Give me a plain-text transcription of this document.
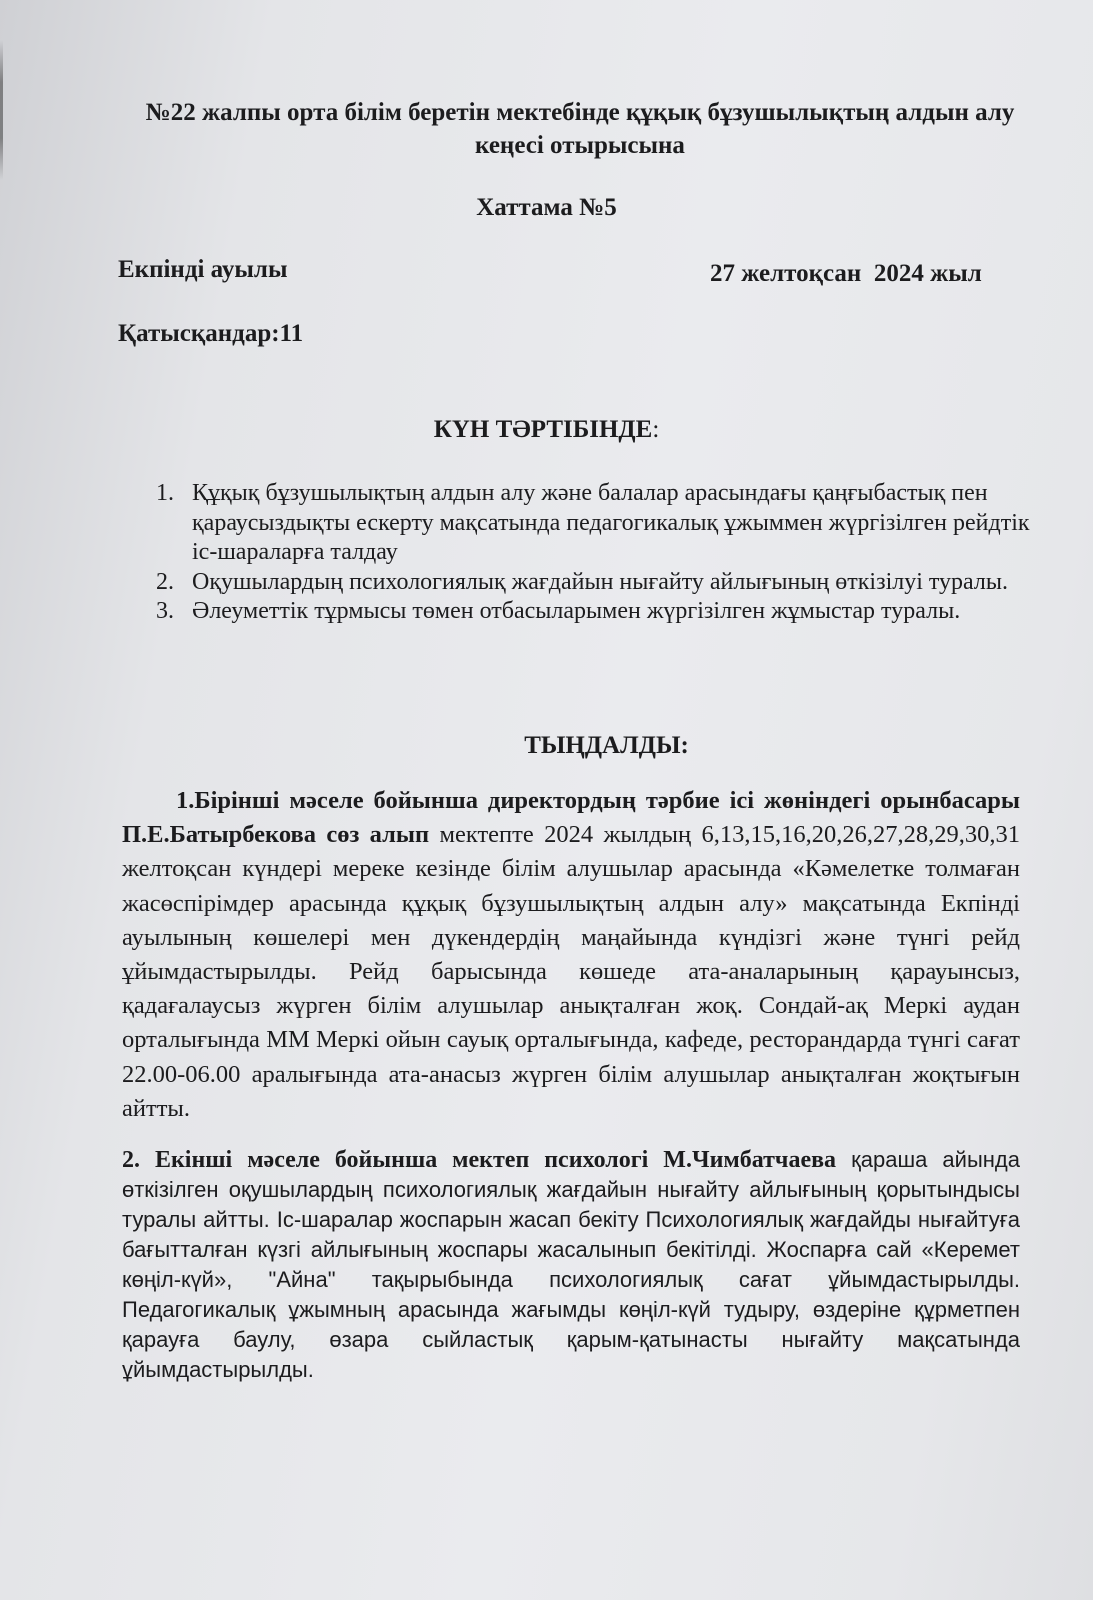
№22 жалпы орта білім беретін мектебінде құқық бұзушылықтың алдын алу кеңесі отырысына
Хаттама №5
Екпінді ауылы	27 желтоқсан  2024 жыл
Қатысқандар:11
КҮН ТӘРТІБІНДЕ:
1. Құқық бұзушылықтың алдын алу және балалар арасындағы қаңғыбастық пен қараусыздықты ескерту мақсатында педагогикалық ұжыммен жүргізілген рейдтік іс-шараларға талдау
2. Оқушылардың психологиялық жағдайын нығайту айлығының өткізілуі туралы.
3. Әлеуметтік тұрмысы төмен отбасыларымен жүргізілген жұмыстар туралы.
ТЫҢДАЛДЫ:

1.Бірінші мәселе бойынша директордың тәрбие ісі жөніндегі орынбасары П.Е.Батырбекова сөз алып мектепте 2024 жылдың 6,13,15,16,20,26,27,28,29,30,31 желтоқсан күндері мереке кезінде білім алушылар арасында «Кәмелетке толмаған жасөспірімдер арасында құқық бұзушылықтың алдын алу» мақсатында Екпінді ауылының көшелері мен дүкендердің маңайында күндізгі және түнгі рейд ұйымдастырылды. Рейд барысында көшеде ата-аналарының қарауынсыз, қадағалаусыз жүрген білім алушылар анықталған жоқ. Сондай-ақ Меркі аудан орталығында ММ Меркі ойын сауық орталығында, кафеде, ресторандарда түнгі сағат 22.00-06.00 аралығында ата-анасыз жүрген білім алушылар анықталған жоқтығын айтты.

2. Екінші мәселе бойынша мектеп психологі М.Чимбатчаева қараша айында өткізілген оқушылардың психологиялық жағдайын нығайту айлығының қорытындысы туралы айтты. Іс-шаралар жоспарын жасап бекіту Психологиялық жағдайды нығайтуға бағытталған күзгі айлығының жоспары жасалынып бекітілді. Жоспарға сай «Керемет көңіл-күй», "Айна" тақырыбында психологиялық сағат ұйымдастырылды. Педагогикалық ұжымның арасында жағымды көңіл-күй тудыру, өздеріне құрметпен қарауға баулу, өзара сыйластық қарым-қатынасты нығайту мақсатында ұйымдастырылды.
